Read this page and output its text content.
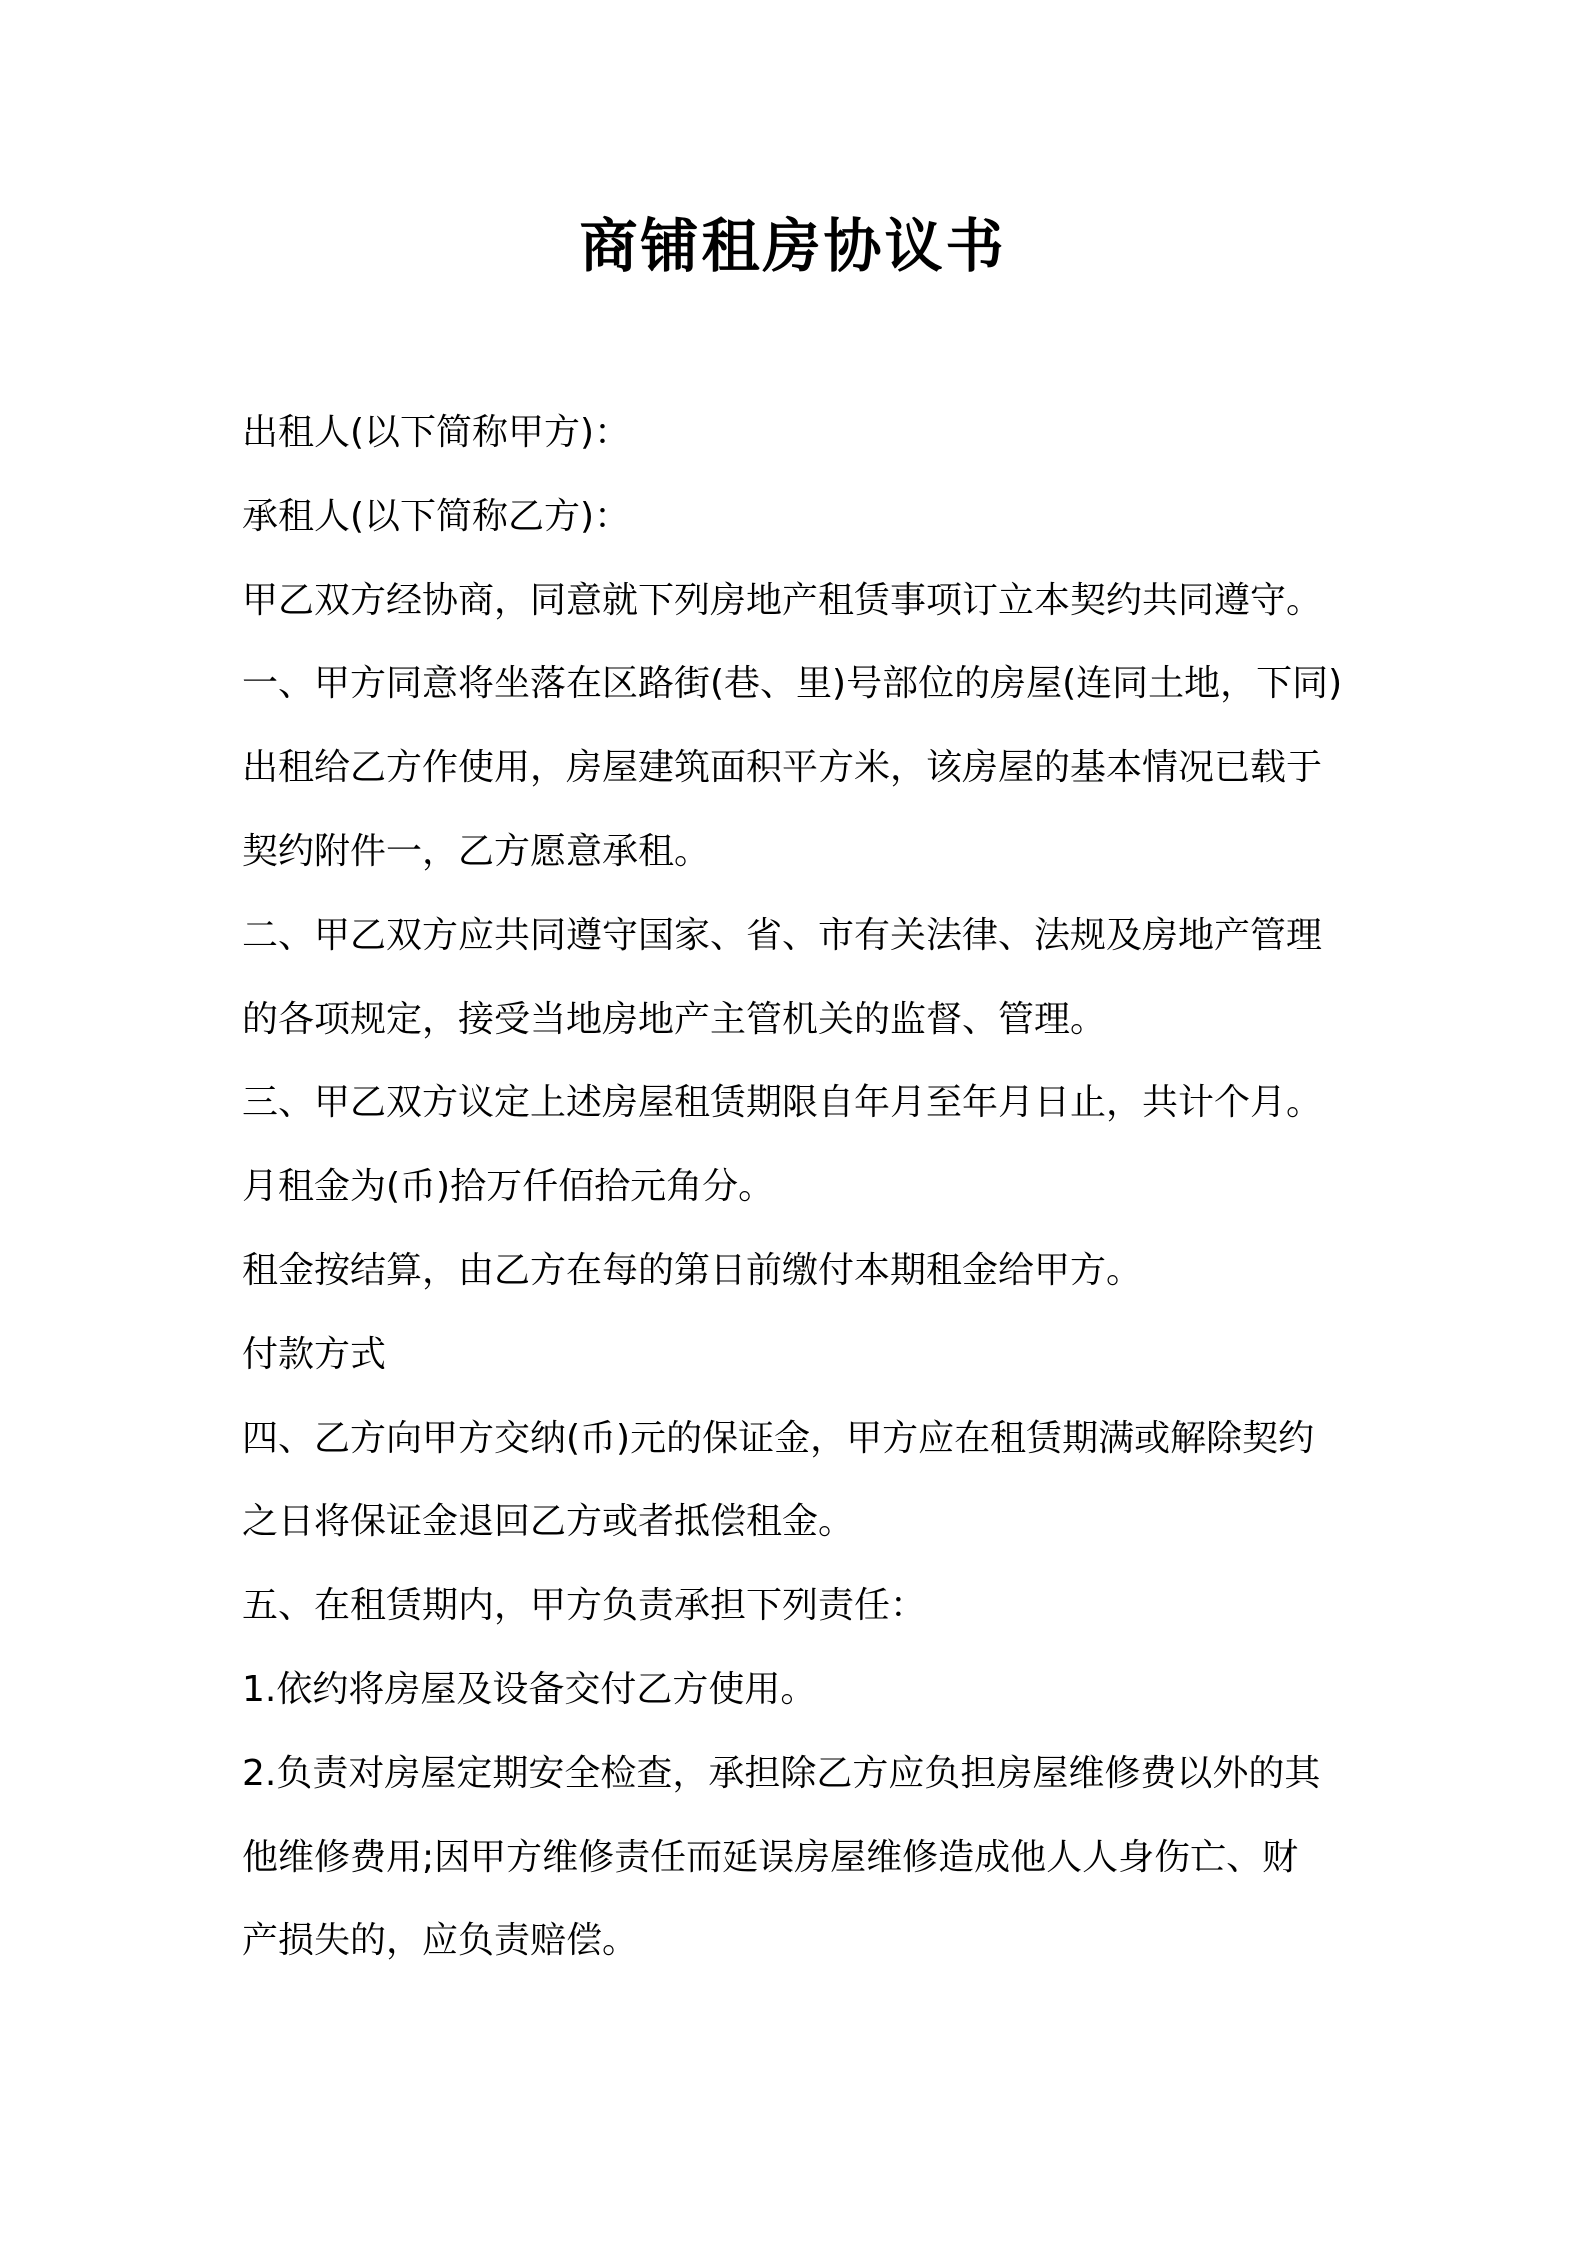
商铺租房协议书

出租人(以下简称甲方)：

承租人(以下简称乙方)：

甲乙双方经协商，同意就下列房地产租赁事项订立本契约共同遵守。

一、甲方同意将坐落在区路街(巷、里)号部位的房屋(连同土地，下同)

出租给乙方作使用，房屋建筑面积平方米，该房屋的基本情况已载于

契约附件一，乙方愿意承租。

二、甲乙双方应共同遵守国家、省、市有关法律、法规及房地产管理

的各项规定，接受当地房地产主管机关的监督、管理。

三、甲乙双方议定上述房屋租赁期限自年月至年月日止，共计个月。

月租金为(币)拾万仟佰拾元角分。

租金按结算，由乙方在每的第日前缴付本期租金给甲方。

付款方式

四、乙方向甲方交纳(币)元的保证金，甲方应在租赁期满或解除契约

之日将保证金退回乙方或者抵偿租金。

五、在租赁期内，甲方负责承担下列责任：

1.依约将房屋及设备交付乙方使用。

2.负责对房屋定期安全检查，承担除乙方应负担房屋维修费以外的其

他维修费用;因甲方维修责任而延误房屋维修造成他人人身伤亡、财

产损失的，应负责赔偿。
